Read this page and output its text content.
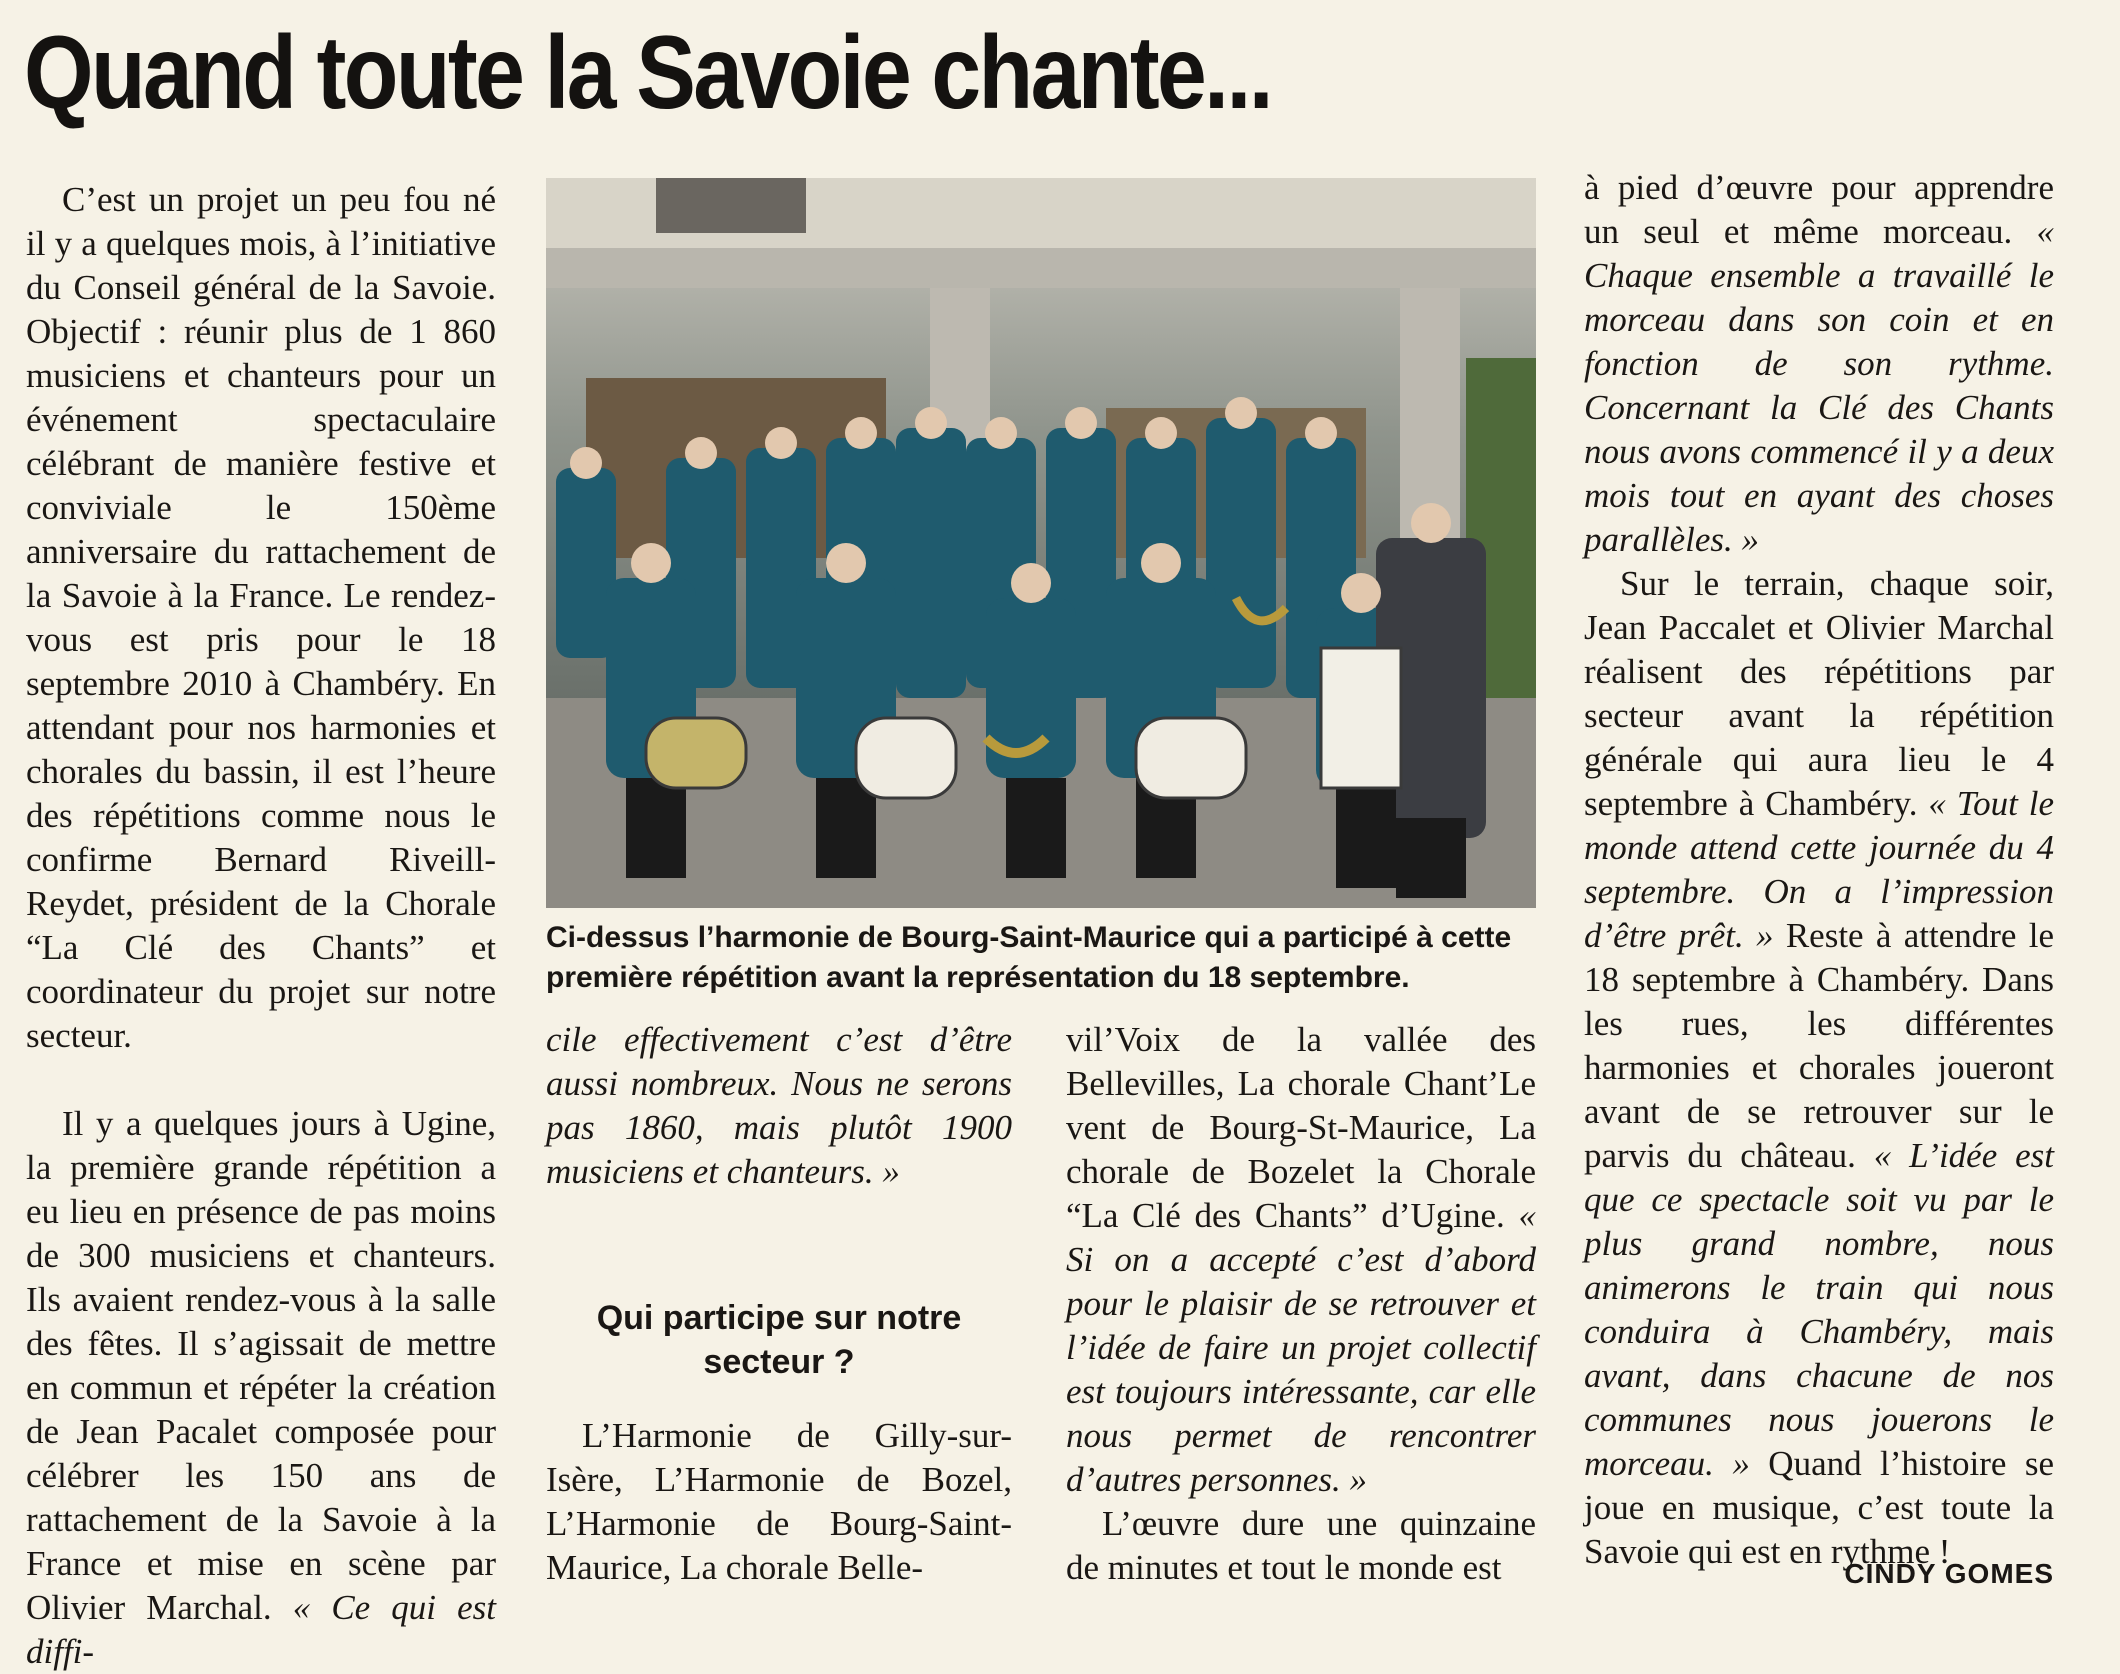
Quand toute la Savoie chante...

C’est un projet un peu fou né il y a quelques mois, à l’initiative du Conseil général de la Savoie. Objectif : réunir plus de 1 860 musiciens et chanteurs pour un événement spectaculaire célébrant de manière festive et conviviale le 150ème anniversaire du rattachement de la Savoie à la France. Le rendez-vous est pris pour le 18 septembre 2010 à Chambéry. En attendant pour nos harmonies et chorales du bassin, il est l’heure des répétitions comme nous le confirme Bernard Riveill-Reydet, président de la Chorale “La Clé des Chants” et coordinateur du projet sur notre secteur.

Il y a quelques jours à Ugine, la première grande répétition a eu lieu en présence de pas moins de 300 musiciens et chanteurs. Ils avaient rendez-vous à la salle des fêtes. Il s’agissait de mettre en commun et répéter la création de Jean Pacalet composée pour célébrer les 150 ans de rattachement de la Savoie à la France et mise en scène par Olivier Marchal. « Ce qui est diffi-

Ci-dessus l’harmonie de Bourg-Saint-Maurice qui a participé à cette première répétition avant la représentation du 18 septembre.

cile effectivement c’est d’être aussi nombreux. Nous ne serons pas 1860, mais plutôt 1900 musiciens et chanteurs. »

Qui participe sur notre secteur ?

L’Harmonie de Gilly-sur-Isère, L’Harmonie de Bozel, L’Harmonie de Bourg-Saint-Maurice, La chorale Belle-

vil’Voix de la vallée des Bellevilles, La chorale Chant’Le vent de Bourg-St-Maurice, La chorale de Bozelet la Chorale “La Clé des Chants” d’Ugine. « Si on a accepté c’est d’abord pour le plaisir de se retrouver et l’idée de faire un projet collectif est toujours intéressante, car elle nous permet de rencontrer d’autres personnes. »

L’œuvre dure une quinzaine de minutes et tout le monde est

à pied d’œuvre pour apprendre un seul et même morceau. « Chaque ensemble a travaillé le morceau dans son coin et en fonction de son rythme. Concernant la Clé des Chants nous avons commencé il y a deux mois tout en ayant des choses parallèles. »

Sur le terrain, chaque soir, Jean Paccalet et Olivier Marchal réalisent des répétitions par secteur avant la répétition générale qui aura lieu le 4 septembre à Chambéry. « Tout le monde attend cette journée du 4 septembre. On a l’impression d’être prêt. » Reste à attendre le 18 septembre à Chambéry. Dans les rues, les différentes harmonies et chorales joueront avant de se retrouver sur le parvis du château. « L’idée est que ce spectacle soit vu par le plus grand nombre, nous animerons le train qui nous conduira à Chambéry, mais avant, dans chacune de nos communes nous jouerons le morceau. » Quand l’histoire se joue en musique, c’est toute la Savoie qui est en rythme !

CINDY GOMES
